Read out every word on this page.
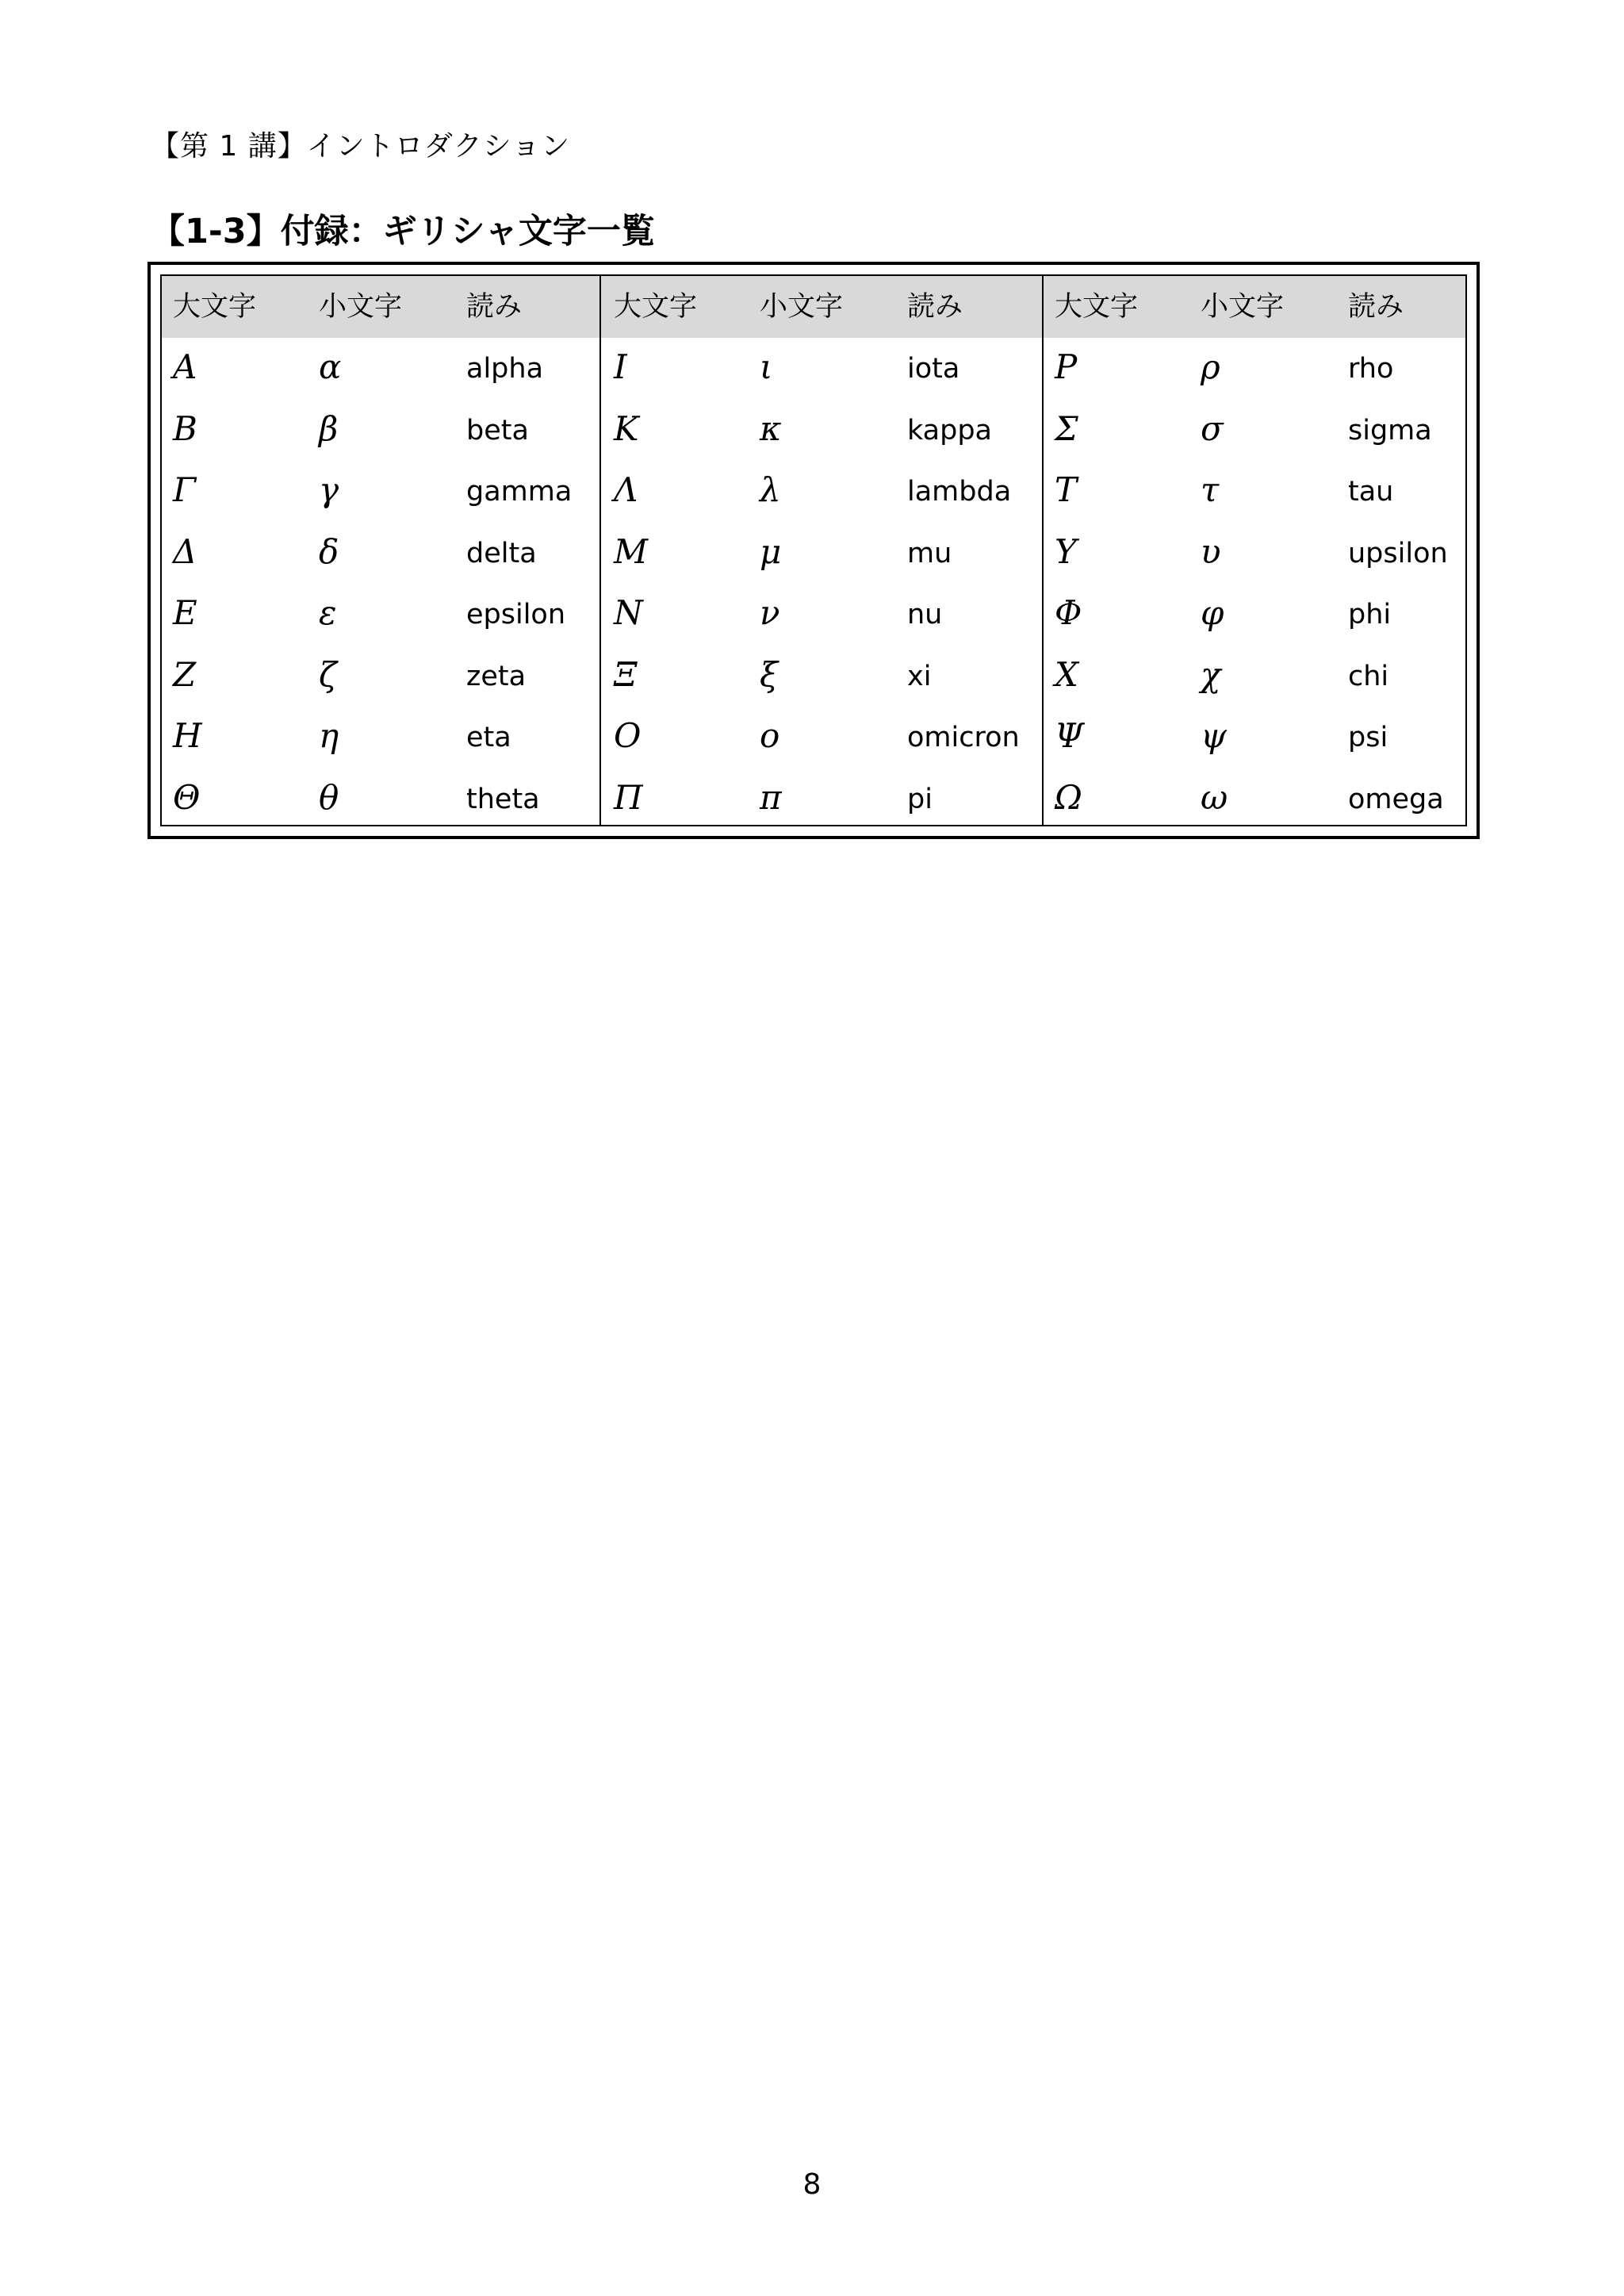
【第 1 講】イントロダクション
【1-3】付録：ギリシャ文字一覧
大文字 小文字 読み	大文字 小文字 読み	大文字 小文字 読み
Α	α	alpha Ι	ι	iota	Ρ	ρ	rho
Β	β	beta	Κ	κ	kappa Σ	σ	sigma
Γ	γ	gamma Λ	λ	lambda Τ	τ	tau
Δ	δ	delta Μ	μ	mu	Υ	υ	upsilon
Ε	ε	epsilon Ν	ν	nu	Φ	φ	phi
Ζ	ζ	zeta	Ξ	ξ	xi	Χ	χ	chi
Η	η	eta	Ο	ο	omicron Ψ	ψ	psi
Θ	θ	theta Π	π	pi	Ω	ω	omega
8
